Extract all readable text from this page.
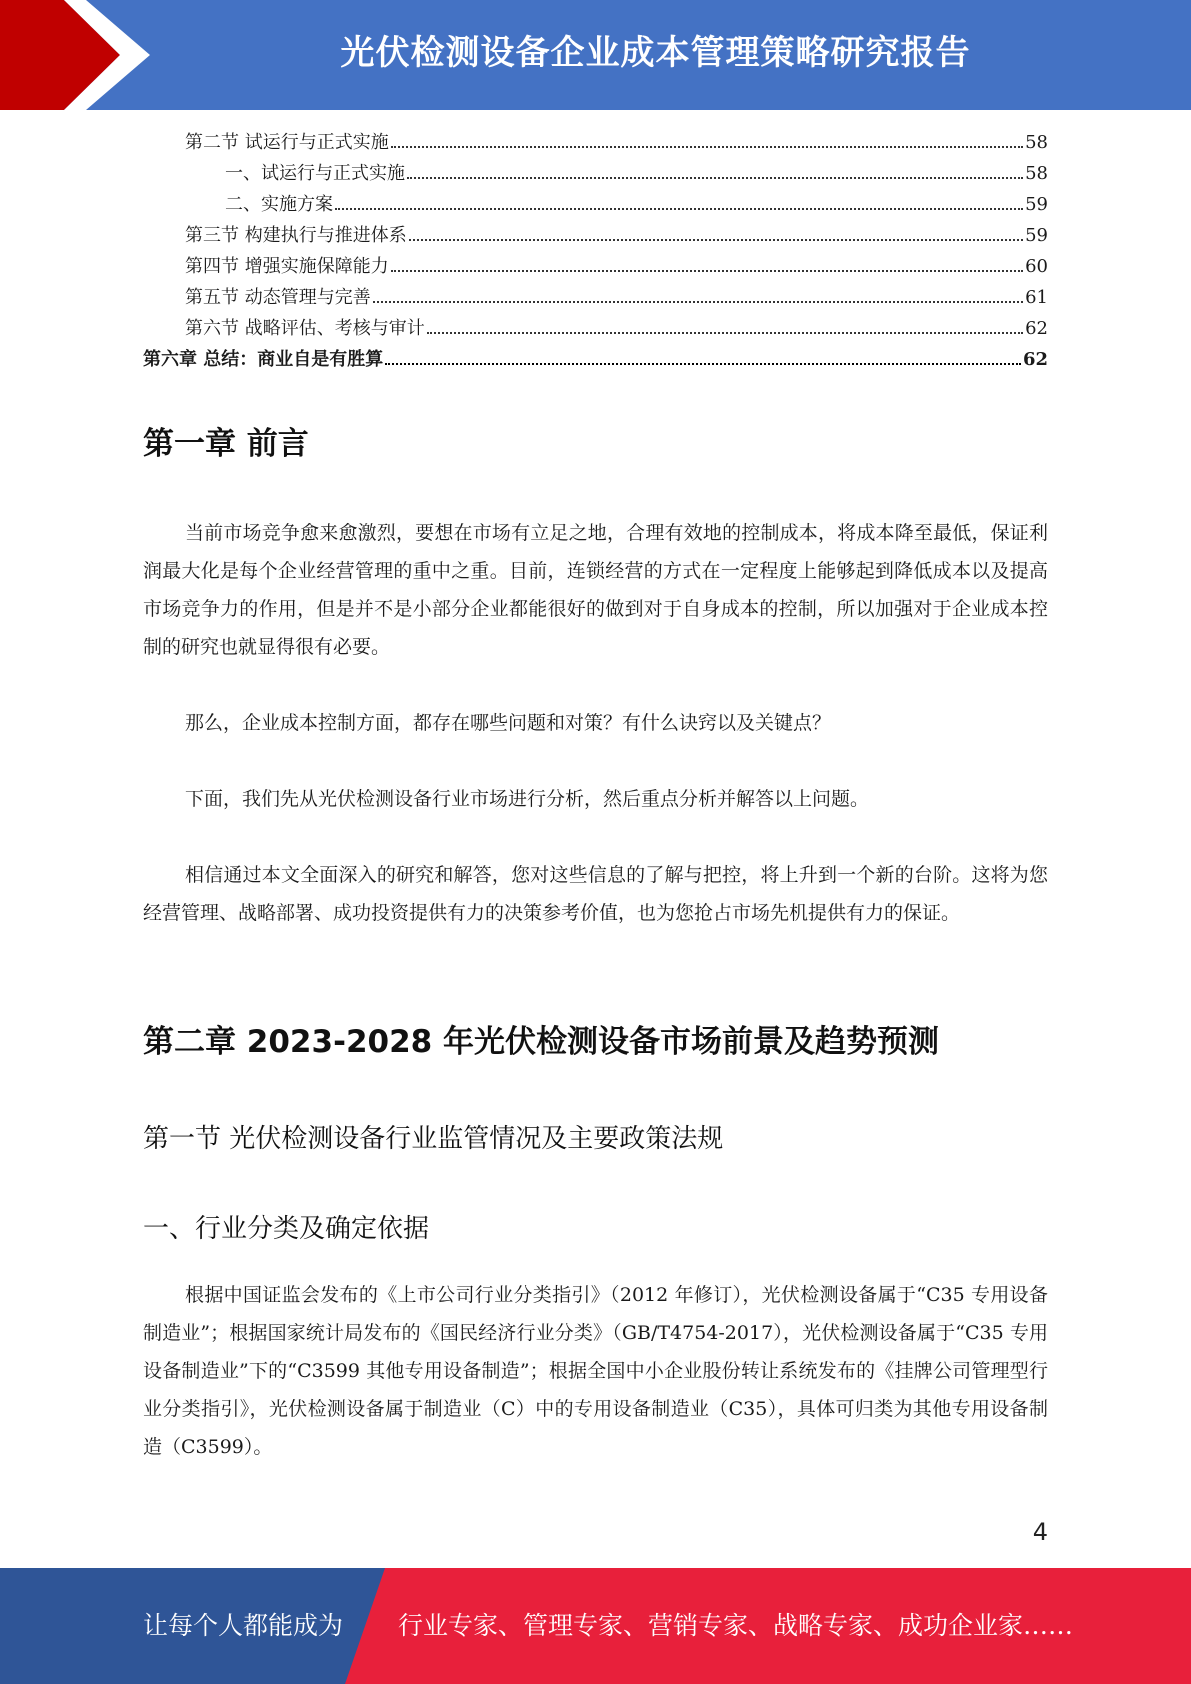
光伏检测设备企业成本管理策略研究报告
第二节 试运行与正式实施	58
一、试运行与正式实施	58
二、实施方案	59
第三节 构建执行与推进体系	59
第四节 增强实施保障能力	60
第五节 动态管理与完善	61
第六节 战略评估、考核与审计	62
第六章 总结：商业自是有胜算	62
第一章 前言

当前市场竞争愈来愈激烈，要想在市场有立足之地，合理有效地的控制成本，将成本降至最低，保证利润最大化是每个企业经营管理的重中之重。目前，连锁经营的方式在一定程度上能够起到降低成本以及提高市场竞争力的作用，但是并不是小部分企业都能很好的做到对于自身成本的控制，所以加强对于企业成本控制的研究也就显得很有必要。

那么，企业成本控制方面，都存在哪些问题和对策？有什么诀窍以及关键点？

下面，我们先从光伏检测设备行业市场进行分析，然后重点分析并解答以上问题。

相信通过本文全面深入的研究和解答，您对这些信息的了解与把控，将上升到一个新的台阶。这将为您经营管理、战略部署、成功投资提供有力的决策参考价值，也为您抢占市场先机提供有力的保证。

第二章 2023-2028 年光伏检测设备市场前景及趋势预测
第一节 光伏检测设备行业监管情况及主要政策法规
一、行业分类及确定依据

根据中国证监会发布的《上市公司行业分类指引》（2012 年修订），光伏检测设备属于“C35 专用设备制造业”；根据国家统计局发布的《国民经济行业分类》（GB/T4754-2017），光伏检测设备属于“C35 专用设备制造业”下的“C3599 其他专用设备制造”；根据全国中小企业股份转让系统发布的《挂牌公司管理型行业分类指引》，光伏检测设备属于制造业（C）中的专用设备制造业（C35），具体可归类为其他专用设备制造（C3599）。

4
让每个人都能成为 行业专家、管理专家、营销专家、战略专家、成功企业家……
